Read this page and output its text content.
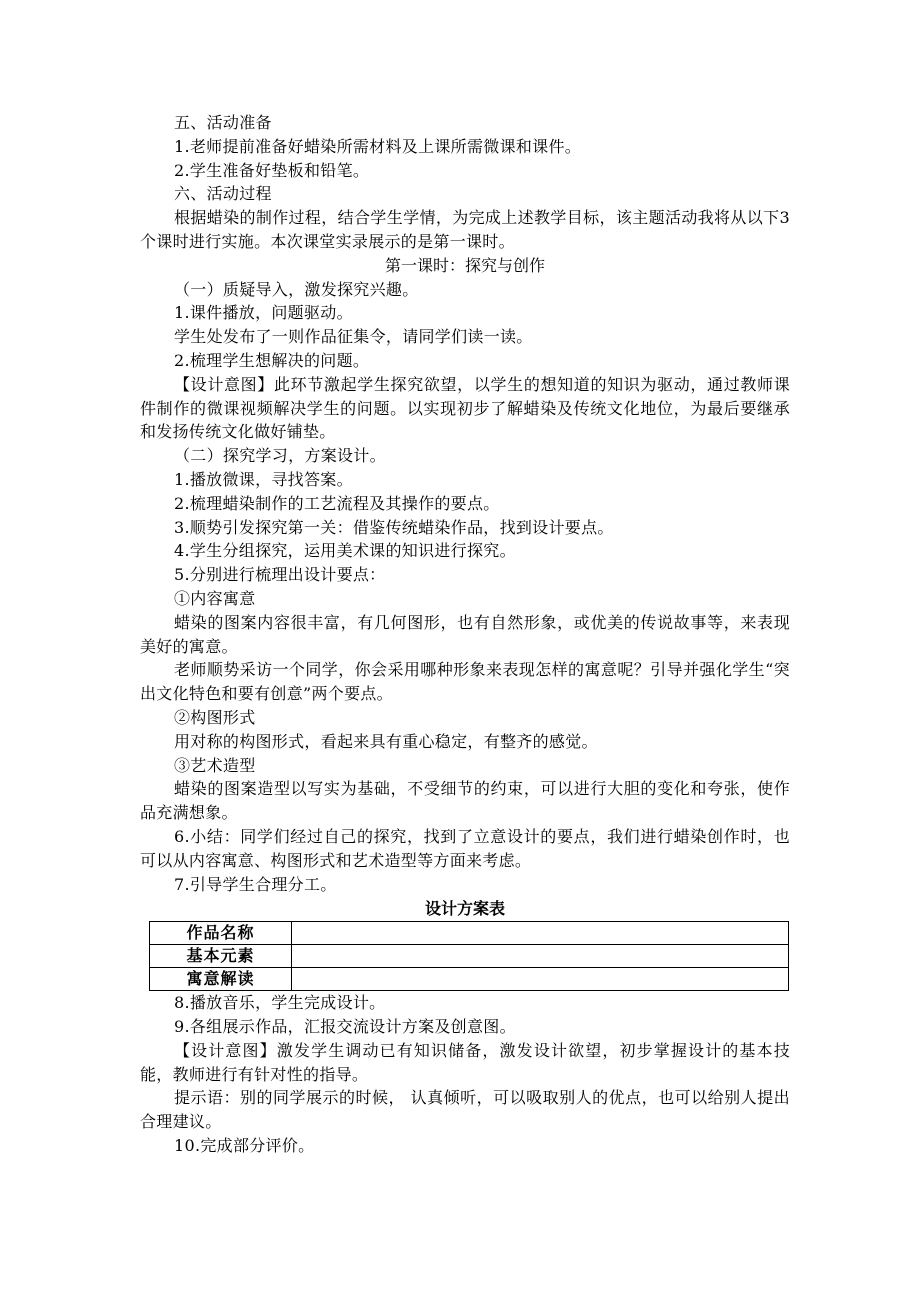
五、活动准备
1.老师提前准备好蜡染所需材料及上课所需微课和课件。
2.学生准备好垫板和铅笔。
六、活动过程
根据蜡染的制作过程，结合学生学情，为完成上述教学目标，该主题活动我将从以下3个课时进行实施。本次课堂实录展示的是第一课时。
第一课时：探究与创作
（一）质疑导入，激发探究兴趣。
1.课件播放，问题驱动。
学生处发布了一则作品征集令，请同学们读一读。
2.梳理学生想解决的问题。
【设计意图】此环节激起学生探究欲望，以学生的想知道的知识为驱动，通过教师课件制作的微课视频解决学生的问题。以实现初步了解蜡染及传统文化地位，为最后要继承和发扬传统文化做好铺垫。
（二）探究学习，方案设计。
1.播放微课，寻找答案。
2.梳理蜡染制作的工艺流程及其操作的要点。
3.顺势引发探究第一关：借鉴传统蜡染作品，找到设计要点。
4.学生分组探究，运用美术课的知识进行探究。
5.分别进行梳理出设计要点：
①内容寓意
蜡染的图案内容很丰富，有几何图形，也有自然形象，或优美的传说故事等，来表现美好的寓意。
老师顺势采访一个同学，你会采用哪种形象来表现怎样的寓意呢？引导并强化学生“突出文化特色和要有创意”两个要点。
②构图形式
用对称的构图形式，看起来具有重心稳定，有整齐的感觉。
③艺术造型
蜡染的图案造型以写实为基础，不受细节的约束，可以进行大胆的变化和夸张，使作品充满想象。
6.小结：同学们经过自己的探究，找到了立意设计的要点，我们进行蜡染创作时，也可以从内容寓意、构图形式和艺术造型等方面来考虑。
7.引导学生合理分工。
设计方案表
作品名称	
基本元素	
寓意解读	
8.播放音乐，学生完成设计。
9.各组展示作品，汇报交流设计方案及创意图。
【设计意图】激发学生调动已有知识储备，激发设计欲望，初步掌握设计的基本技能，教师进行有针对性的指导。
提示语：别的同学展示的时候， 认真倾听，可以吸取别人的优点，也可以给别人提出合理建议。
10.完成部分评价。
